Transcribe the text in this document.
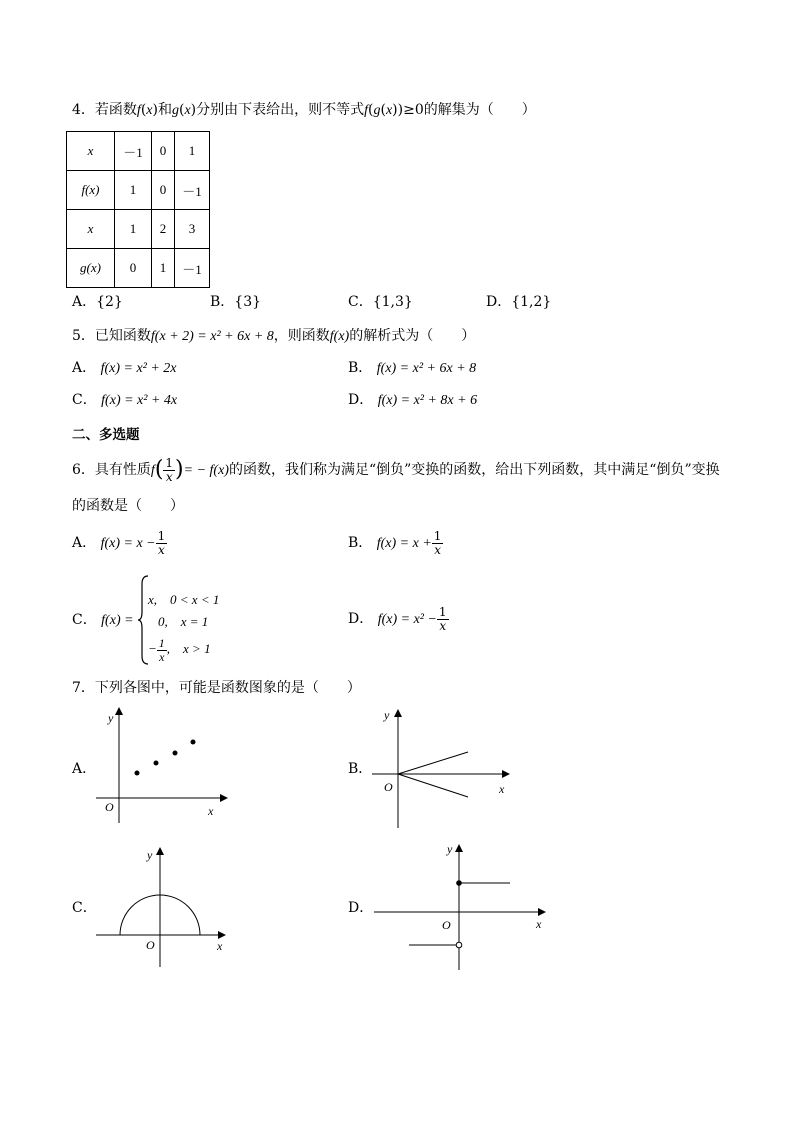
4．若函数f(x)和g(x)分别由下表给出，则不等式f(g(x))≥0的解集为（　　）
x	－1	0	1
f(x)	1	0	－1
x	1	2	3
g(x)	0	1	－1
A．{2}	B．{3}	C．{1,3}	D．{1,2}
5．已知函数f(x + 2) = x² + 6x + 8，则函数f(x)的解析式为（　　）
A． f(x) = x² + 2x	B． f(x) = x² + 6x + 8
C． f(x) = x² + 4x	D． f(x) = x² + 8x + 6
二、多选题
6．具有性质$f( \frac{1}{x}$ )= − f(x)的函数，我们称为满足“倒负”变换的函数，给出下列函数，其中满足“倒负”变换
的函数是（　　）
A． $f(x) = x - \frac{1}{x}$	B． $f(x) = x + \frac{1}{x}$
C． f(x) =
x,　0 < x < 1
0,　x = 1
− $\frac{1}{x}$ ,　x > 1
D． $f(x) = x^2 - \frac{1}{x}$
7．下列各图中，可能是函数图象的是（　　）
A．
O	x
y
B．
O	x
y
C．
O	x
y
D．
O	x
y
